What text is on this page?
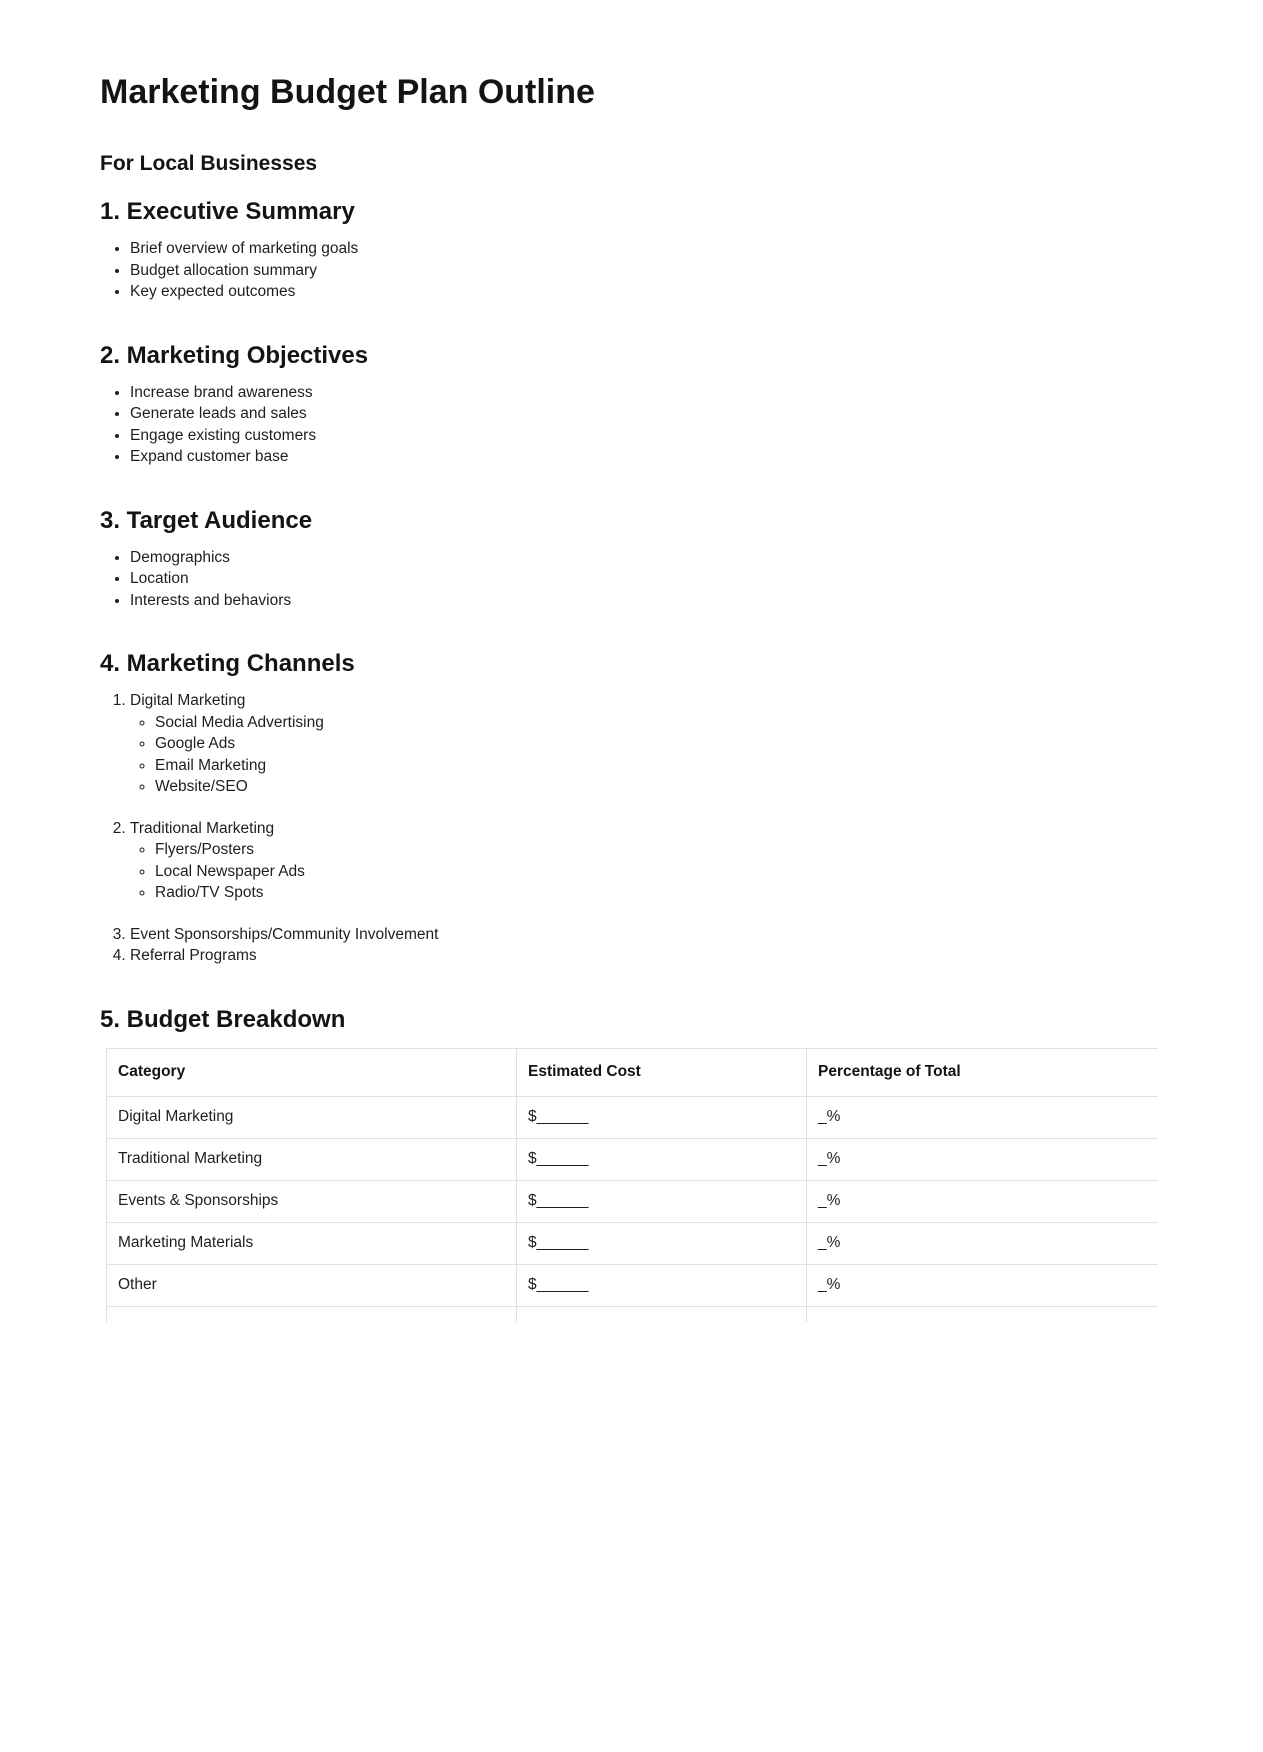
Marketing Budget Plan Outline
For Local Businesses
1. Executive Summary
• Brief overview of marketing goals
• Budget allocation summary
• Key expected outcomes
2. Marketing Objectives
• Increase brand awareness
• Generate leads and sales
• Engage existing customers
• Expand customer base
3. Target Audience
• Demographics
• Location
• Interests and behaviors
4. Marketing Channels
1. Digital Marketing
◦ Social Media Advertising
◦ Google Ads
◦ Email Marketing
◦ Website/SEO
2. Traditional Marketing
◦ Flyers/Posters
◦ Local Newspaper Ads
◦ Radio/TV Spots
3. Event Sponsorships/Community Involvement
4. Referral Programs
5. Budget Breakdown
Category	Estimated Cost	Percentage of Total
Digital Marketing	$______	_%
Traditional Marketing	$______	_%
Events & Sponsorships	$______	_%
Marketing Materials	$______	_%
Other	$______	_%
